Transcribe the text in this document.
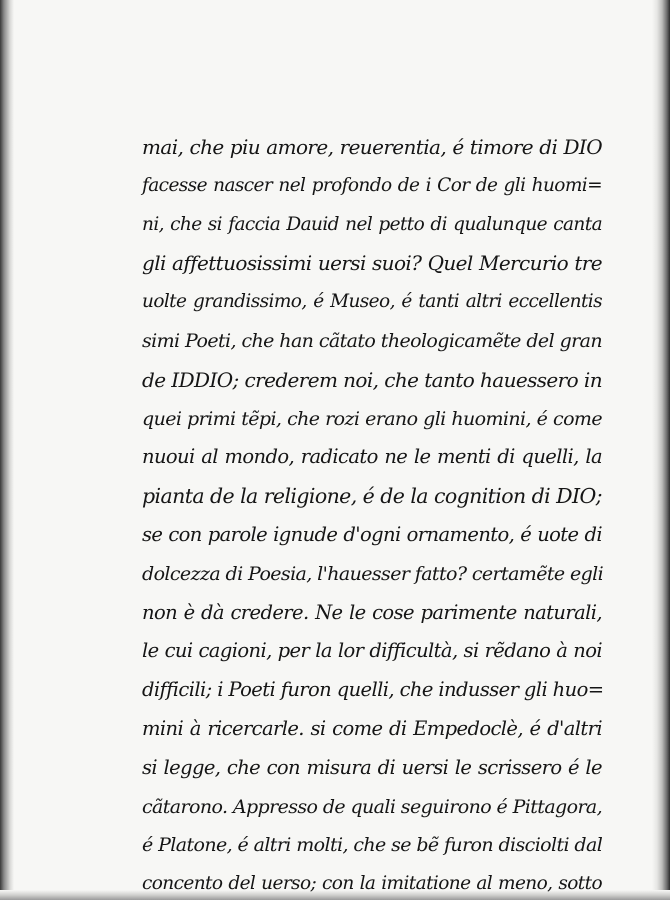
mai, che piu amore, reuerentia, é timore di DIO
facesse nascer nel profondo de i Cor de gli huomi=
ni, che si faccia Dauid nel petto di qualunque canta
gli affettuosissimi uersi suoi? Quel Mercurio tre
uolte grandissimo, é Museo, é tanti altri eccellentis
simi Poeti, che han cãtato theologicamẽte del gran
de IDDIO; crederem noi, che tanto hauessero in
quei primi tẽpi, che rozi erano gli huomini, é come
nuoui al mondo, radicato ne le menti di quelli, la
pianta de la religione, é de la cognition di DIO;
se con parole ignude d'ogni ornamento, é uote di
dolcezza di Poesia, l'hauesser fatto? certamẽte egli
non è dà credere. Ne le cose parimente naturali,
le cui cagioni, per la lor difficultà, si rẽdano à noi
difficili; i Poeti furon quelli, che indusser gli huo=
mini à ricercarle. si come di Empedoclè, é d'altri
si legge, che con misura di uersi le scrissero é le
cãtarono. Appresso de quali seguirono é Pittagora,
é Platone, é altri molti, che se bẽ furon disciolti dal
concento del uerso; con la imitatione al meno, sotto
